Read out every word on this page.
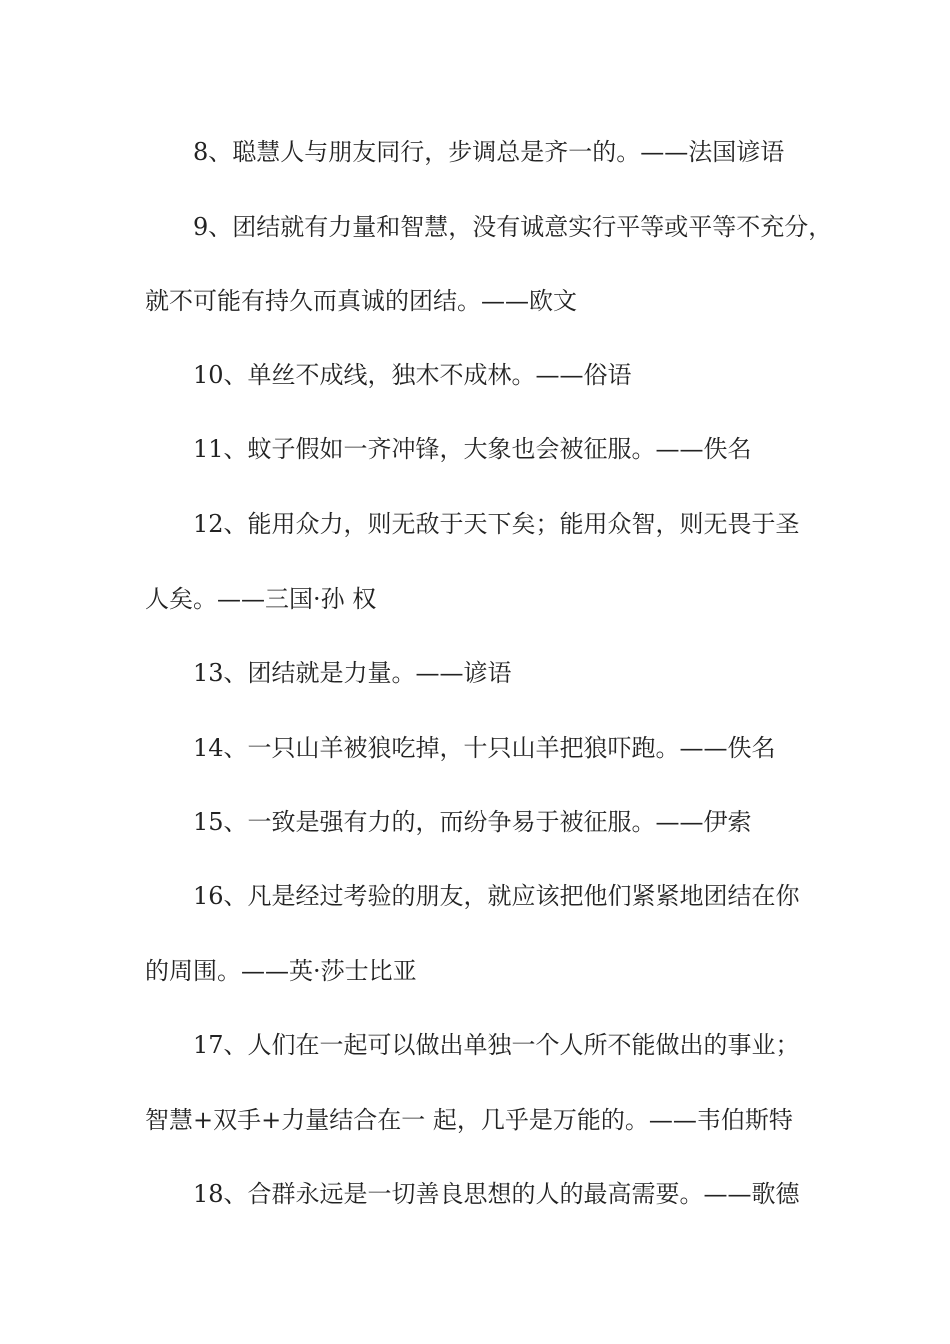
8、聪慧人与朋友同行，步调总是齐一的。——法国谚语

9、团结就有力量和智慧，没有诚意实行平等或平等不充分，

就不可能有持久而真诚的团结。——欧文

10、单丝不成线，独木不成林。——俗语

11、蚊子假如一齐冲锋，大象也会被征服。——佚名

12、能用众力，则无敌于天下矣；能用众智，则无畏于圣

人矣。——三国·孙 权

13、团结就是力量。——谚语

14、一只山羊被狼吃掉，十只山羊把狼吓跑。——佚名

15、一致是强有力的，而纷争易于被征服。——伊索

16、凡是经过考验的朋友，就应该把他们紧紧地团结在你

的周围。——英·莎士比亚

17、人们在一起可以做出单独一个人所不能做出的事业；

智慧+双手+力量结合在一 起，几乎是万能的。——韦伯斯特

18、合群永远是一切善良思想的人的最高需要。——歌德
